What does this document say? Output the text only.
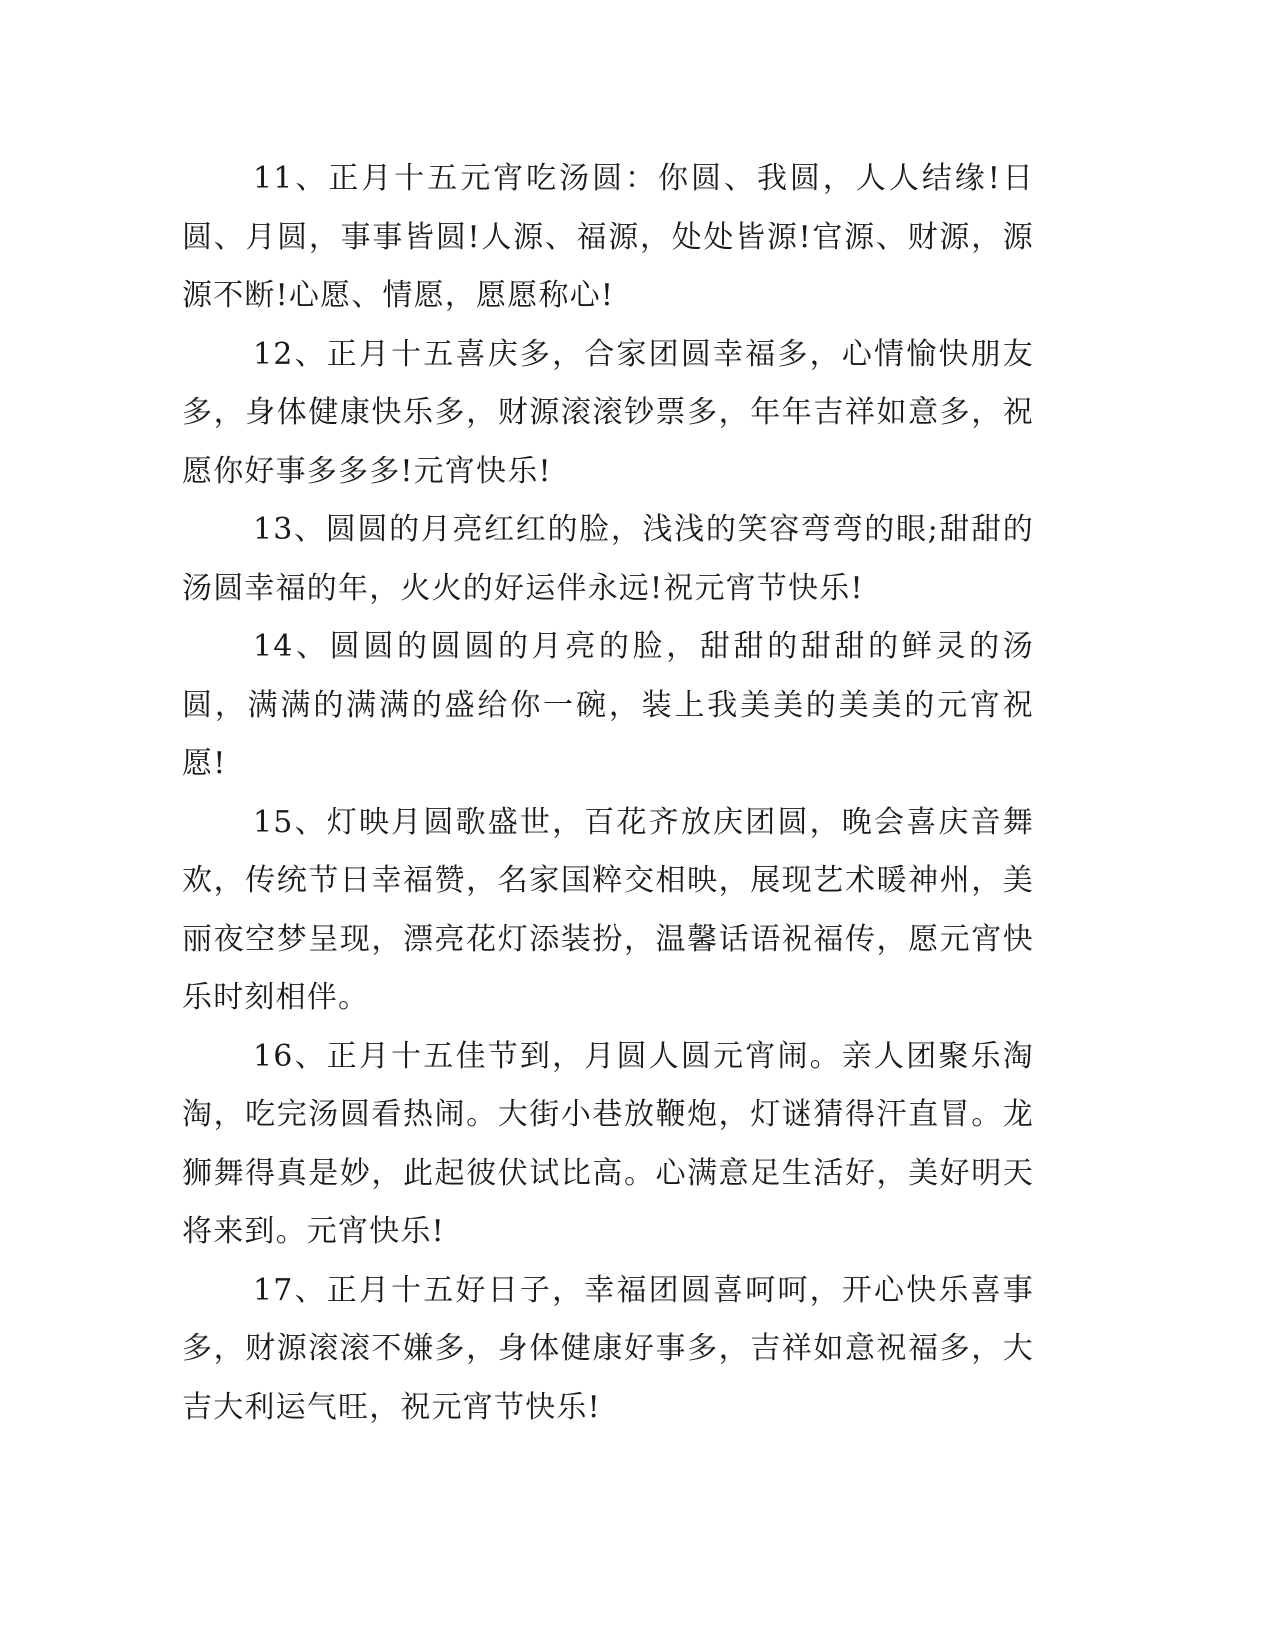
11、正月十五元宵吃汤圆：你圆、我圆，人人结缘!日圆、月圆，事事皆圆!人源、福源，处处皆源!官源、财源，源源不断!心愿、情愿，愿愿称心!

12、正月十五喜庆多，合家团圆幸福多，心情愉快朋友多，身体健康快乐多，财源滚滚钞票多，年年吉祥如意多，祝愿你好事多多多!元宵快乐!

13、圆圆的月亮红红的脸，浅浅的笑容弯弯的眼;甜甜的汤圆幸福的年，火火的好运伴永远!祝元宵节快乐!

14、圆圆的圆圆的月亮的脸，甜甜的甜甜的鲜灵的汤圆，满满的满满的盛给你一碗，装上我美美的美美的元宵祝愿!

15、灯映月圆歌盛世，百花齐放庆团圆，晚会喜庆音舞欢，传统节日幸福赞，名家国粹交相映，展现艺术暖神州，美丽夜空梦呈现，漂亮花灯添装扮，温馨话语祝福传，愿元宵快乐时刻相伴。

16、正月十五佳节到，月圆人圆元宵闹。亲人团聚乐淘淘，吃完汤圆看热闹。大街小巷放鞭炮，灯谜猜得汗直冒。龙狮舞得真是妙，此起彼伏试比高。心满意足生活好，美好明天将来到。元宵快乐!

17、正月十五好日子，幸福团圆喜呵呵，开心快乐喜事多，财源滚滚不嫌多，身体健康好事多，吉祥如意祝福多，大吉大利运气旺，祝元宵节快乐!
